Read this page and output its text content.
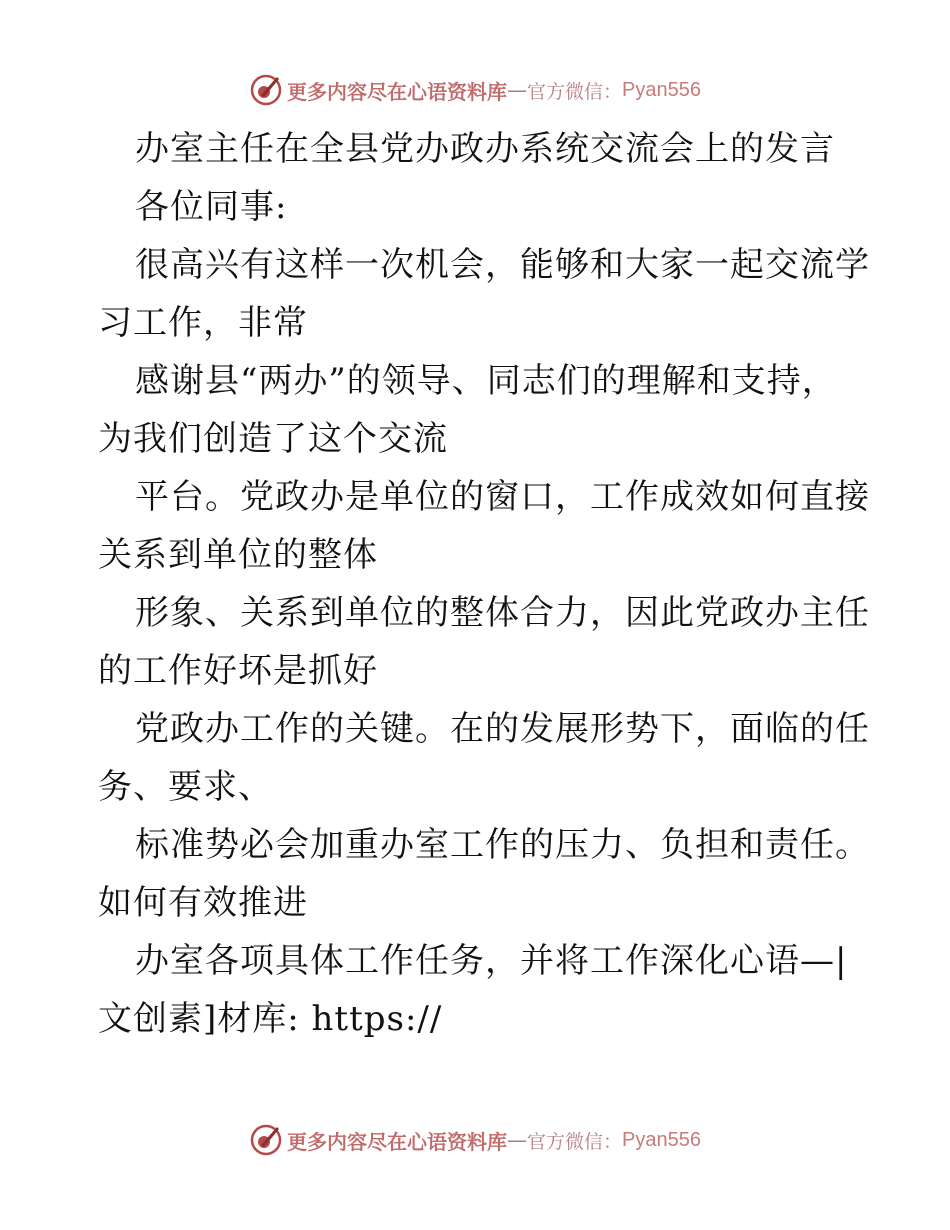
更多内容尽在心语资料库 — 官方微信： Pyan556
办室主任在全县党办政办系统交流会上的发言
各位同事:
很高兴有这样一次机会，能够和大家一起交流学
习工作，非常
感谢县“两办”的领导、同志们的理解和支持，
为我们创造了这个交流
平台。党政办是单位的窗口，工作成效如何直接
关系到单位的整体
形象、关系到单位的整体合力，因此党政办主任
的工作好坏是抓好
党政办工作的关键。在的发展形势下，面临的任
务、要求、
标准势必会加重办室工作的压力、负担和责任。
如何有效推进
办室各项具体工作任务，并将工作深化心语—|
文创素]材库: https://
更多内容尽在心语资料库 — 官方微信： Pyan556
